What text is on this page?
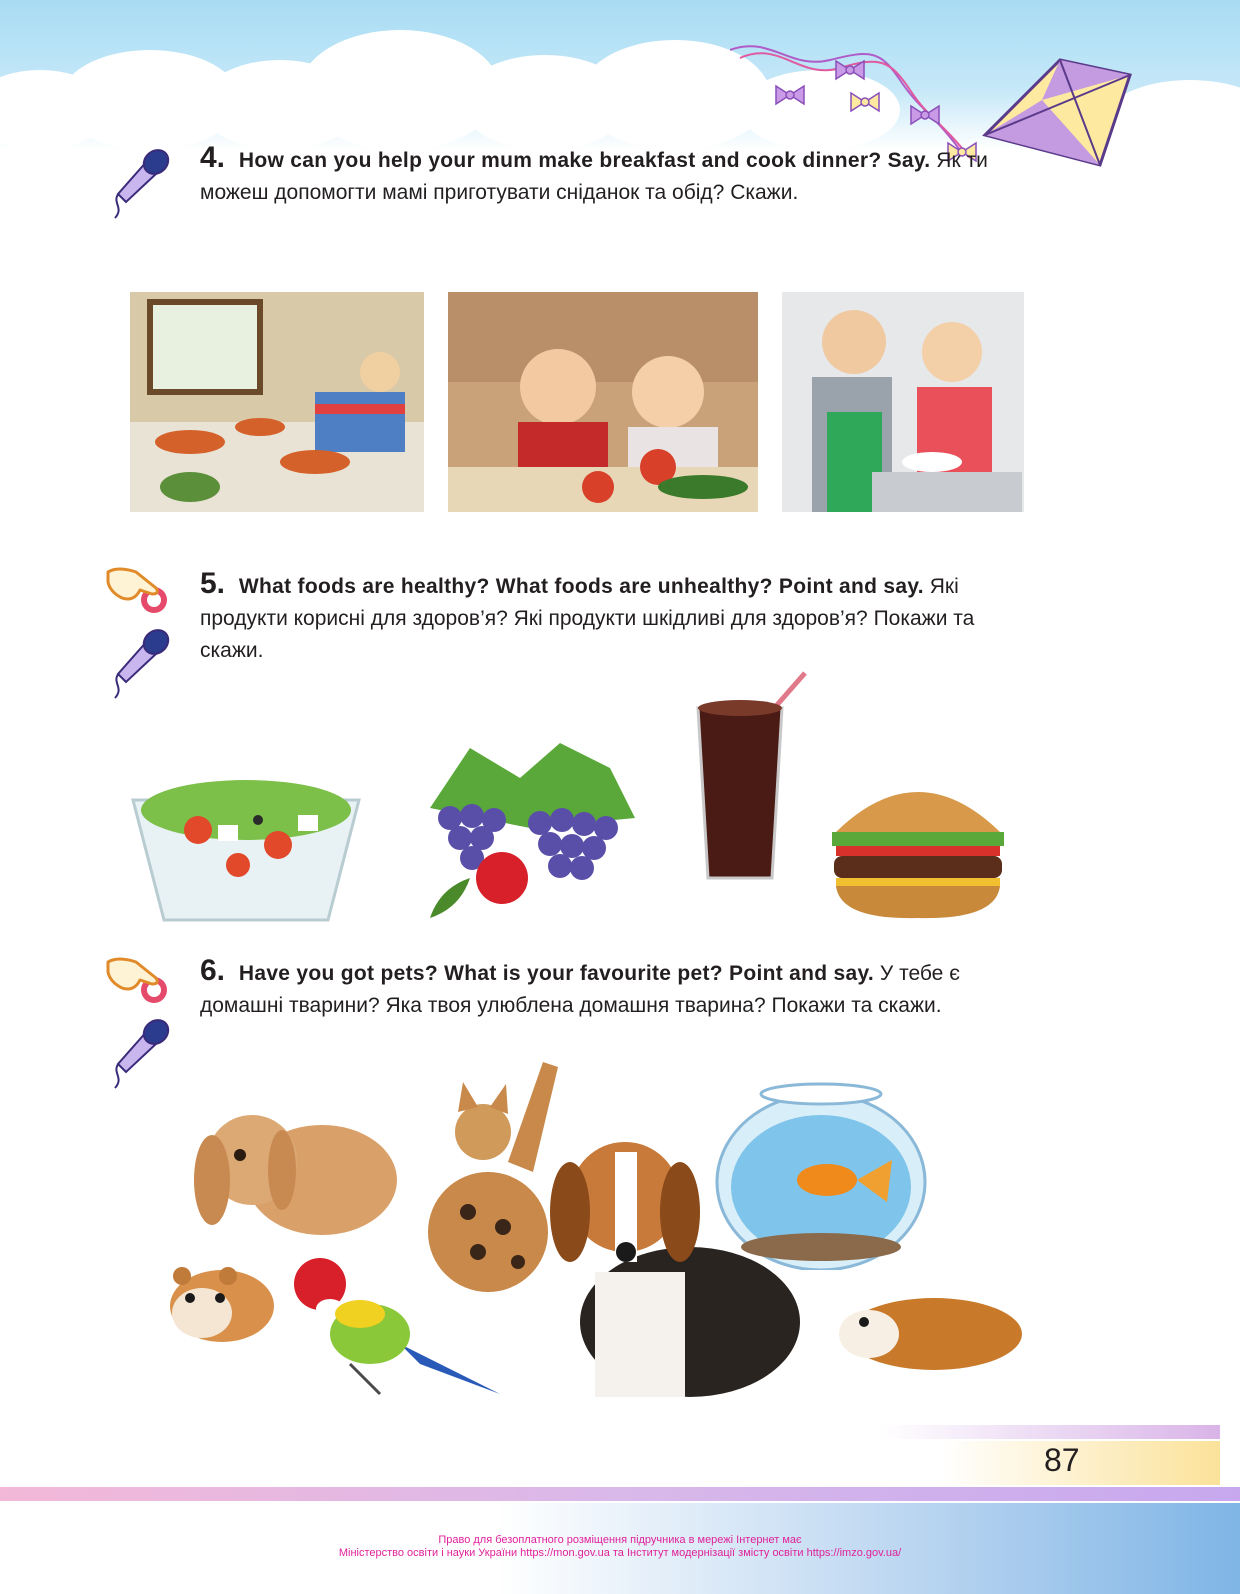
4. How can you help your mum make breakfast and cook dinner? Say. Як ти можеш допомогти мамі приготувати сніданок та обід? Скажи.
5. What foods are healthy? What foods are unhealthy? Point and say. Які продукти корисні для здоров’я? Які продукти шкідливі для здоров’я? Покажи та скажи.
6. Have you got pets? What is your favourite pet? Point and say. У тебе є домашні тварини? Яка твоя улюблена домашня тварина? Покажи та скажи.
87
Право для безоплатного розміщення підручника в мережі Інтернет має
Міністерство освіти і науки України https://mon.gov.ua та Інститут модернізації змісту освіти https://imzo.gov.ua/
